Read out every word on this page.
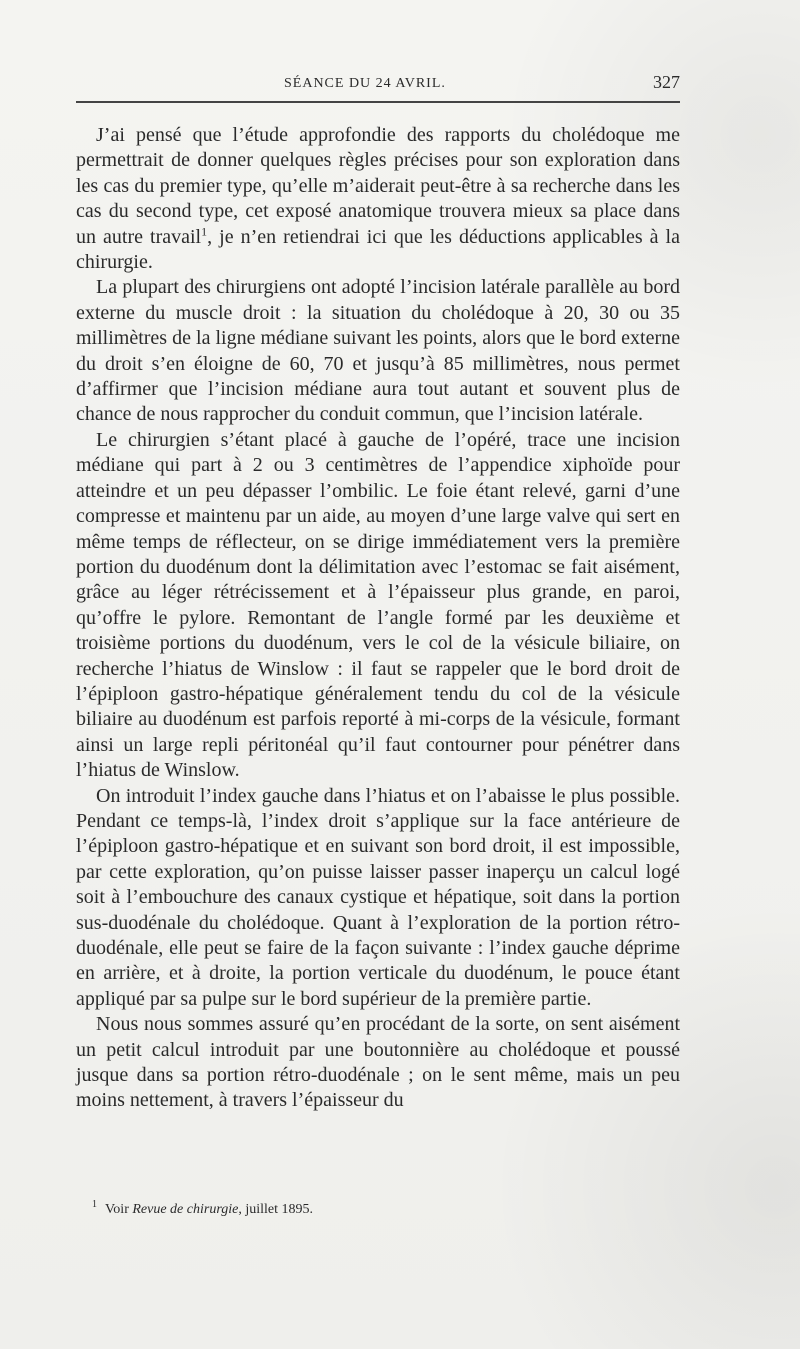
SÉANCE DU 24 AVRIL.	327

J’ai pensé que l’étude approfondie des rapports du cholédoque me permettrait de donner quelques règles précises pour son exploration dans les cas du premier type, qu’elle m’aiderait peut-être à sa recherche dans les cas du second type, cet exposé anatomique trouvera mieux sa place dans un autre travail$^1$, je n’en retiendrai ici que les déductions applicables à la chirurgie.

La plupart des chirurgiens ont adopté l’incision latérale parallèle au bord externe du muscle droit : la situation du cholédoque à 20, 30 ou 35 millimètres de la ligne médiane suivant les points, alors que le bord externe du droit s’en éloigne de 60, 70 et jusqu’à 85 millimètres, nous permet d’affirmer que l’incision médiane aura tout autant et souvent plus de chance de nous rapprocher du conduit commun, que l’incision latérale.

Le chirurgien s’étant placé à gauche de l’opéré, trace une incision médiane qui part à 2 ou 3 centimètres de l’appendice xiphoïde pour atteindre et un peu dépasser l’ombilic. Le foie étant relevé, garni d’une compresse et maintenu par un aide, au moyen d’une large valve qui sert en même temps de réflecteur, on se dirige immédiatement vers la première portion du duodénum dont la délimitation avec l’estomac se fait aisément, grâce au léger rétrécissement et à l’épaisseur plus grande, en paroi, qu’offre le pylore. Remontant de l’angle formé par les deuxième et troisième portions du duodénum, vers le col de la vésicule biliaire, on recherche l’hiatus de Winslow : il faut se rappeler que le bord droit de l’épiploon gastro-hépatique généralement tendu du col de la vésicule biliaire au duodénum est parfois reporté à mi-corps de la vésicule, formant ainsi un large repli péritonéal qu’il faut contourner pour pénétrer dans l’hiatus de Winslow.

On introduit l’index gauche dans l’hiatus et on l’abaisse le plus possible. Pendant ce temps-là, l’index droit s’applique sur la face antérieure de l’épiploon gastro-hépatique et en suivant son bord droit, il est impossible, par cette exploration, qu’on puisse laisser passer inaperçu un calcul logé soit à l’embouchure des canaux cystique et hépatique, soit dans la portion sus-duodénale du cholédoque. Quant à l’exploration de la portion rétro-duodénale, elle peut se faire de la façon suivante : l’index gauche déprime en arrière, et à droite, la portion verticale du duodénum, le pouce étant appliqué par sa pulpe sur le bord supérieur de la première partie.

Nous nous sommes assuré qu’en procédant de la sorte, on sent aisément un petit calcul introduit par une boutonnière au cholédoque et poussé jusque dans sa portion rétro-duodénale ; on le sent même, mais un peu moins nettement, à travers l’épaisseur du

$^1$ Voir Revue de chirurgie, juillet 1895.
